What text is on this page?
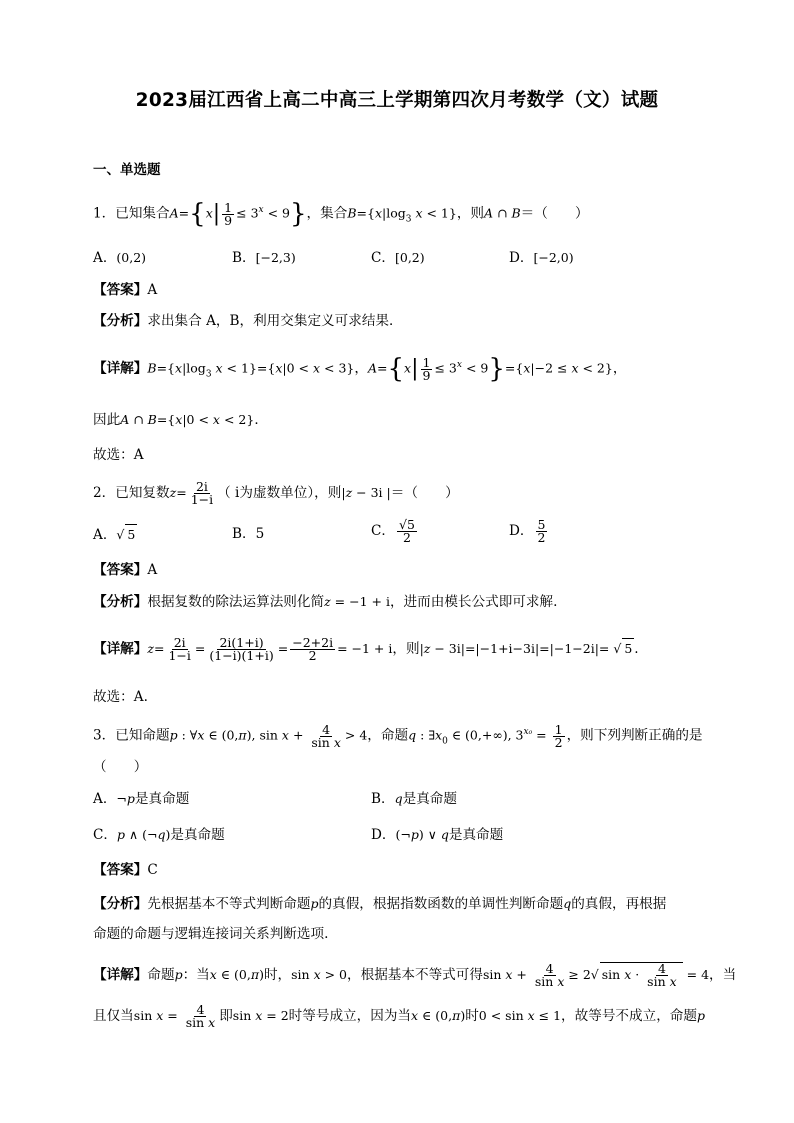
2023届江西省上高二中高三上学期第四次月考数学（文）试题
一、单选题
1．已知集合$A=\{x| \frac{1}{9} \le 3^x < 9\}$，集合$B=\{x|\log_3$ x < 1}，则A ∩ B＝（　　）
A．(0,2)	B．[−2,3)	C．[0,2)	D．[−2,0)
【答案】A
【分析】求出集合 A，B，利用交集定义可求结果．
【详解】$B=\{x|\log_3$ x < 1}={x|0 < x < 3}，$A=\{x| \frac{1}{9} \le 3^x < 9\}=\{x|-2 \le x < 2\}$，
因此A ∩ B={x|0 < x < 2}．
故选：A
2．已知复数$z= \frac{2i}{1-i}$ （ i为虚数单位），则|z − 3i |＝（　　）
A．√ 5	B．5	C． $\frac{√5}{2}$	D． $\frac{5}{2}$
【答案】A
【分析】根据复数的除法运算法则化简z = −1 + i，进而由模长公式即可求解.
【详解】$z= \frac{2i}{1-i} = \frac{2i(1+i)}{(1-i)(1+i)} = \frac{-2+2i}{2} = -1 + i$，则|z − 3i|=|−1+i−3i|=|−1−2i|= √ 5 .
故选：A.
3．已知命题p : ∀x ∈ (0,π), $\sin x + \frac{4}{\text{sin x}} > 4$，命题q : $\exists x_0$ ∈ (0,+∞), $3^{x_0} = \frac{1}{2}$ ，则下列判断正确的是
（　　）
A．¬p是真命题	B．q是真命题
C．p ∧ (¬q)是真命题	D．(¬p) ∨ q是真命题
【答案】C
【分析】先根据基本不等式判断命题p的真假，根据指数函数的单调性判断命题q的真假，再根据
命题的命题与逻辑连接词关系判断选项.
【详解】命题p：当x ∈ (0,π)时，sin x > 0，根据基本不等式可得$\sin x + \frac{4}{\text{sin x}} \ge 2√$ $\sin x \cdot \frac{4}{\text{sin x}} = 4$，当
且仅当$\sin x = \frac{4}{\text{sin x}}$ 即sin x = 2时等号成立，因为当x ∈ (0,π)时0 < sin x ≤ 1，故等号不成立，命题p
